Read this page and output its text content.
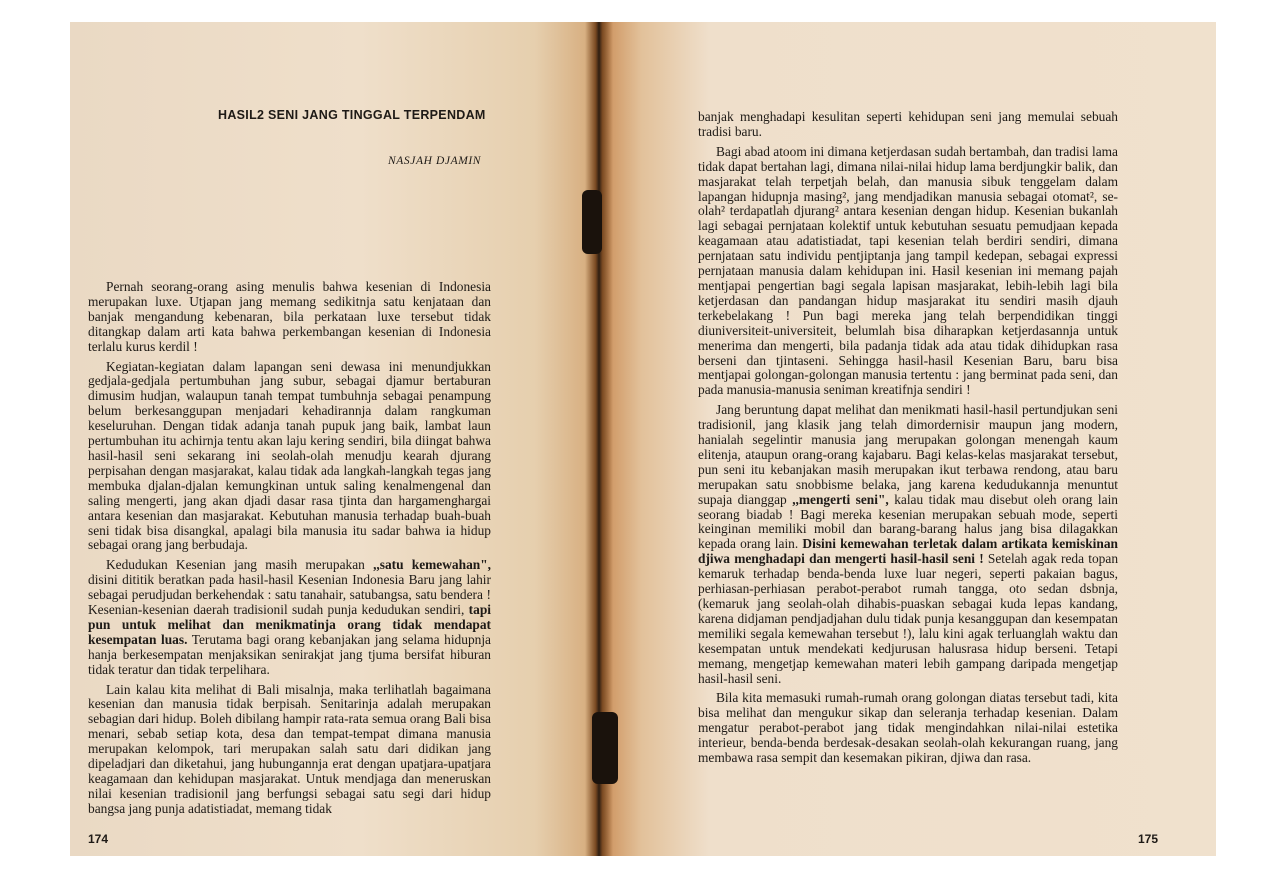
HASIL2 SENI JANG TINGGAL TERPENDAM
NASJAH DJAMIN

Pernah seorang-orang asing menulis bahwa kesenian di Indonesia merupakan luxe. Utjapan jang memang sedikitnja satu kenjataan dan banjak mengandung kebenaran, bila perkataan luxe tersebut tidak ditangkap dalam arti kata bahwa perkembangan kesenian di Indonesia terlalu kurus kerdil !

Kegiatan-kegiatan dalam lapangan seni dewasa ini menundjukkan gedjala-gedjala pertumbuhan jang subur, sebagai djamur bertaburan dimusim hudjan, walaupun tanah tempat tumbuhnja sebagai penampung belum berkesanggupan menjadari kehadirannja dalam rangkuman keseluruhan. Dengan tidak adanja tanah pupuk jang baik, lambat laun pertumbuhan itu achirnja tentu akan laju kering sendiri, bila diingat bahwa hasil-hasil seni sekarang ini seolah-olah menudju kearah djurang perpisahan dengan masjarakat, kalau tidak ada langkah-langkah tegas jang membuka djalan-djalan kemungkinan untuk saling kenalmengenal dan saling mengerti, jang akan djadi dasar rasa tjinta dan hargamenghargai antara kesenian dan masjarakat. Kebutuhan manusia terhadap buah-buah seni tidak bisa disangkal, apalagi bila manusia itu sadar bahwa ia hidup sebagai orang jang berbudaja.

Kedudukan Kesenian jang masih merupakan ,,satu kemewahan", disini dititik beratkan pada hasil-hasil Kesenian Indonesia Baru jang lahir sebagai perudjudan berkehendak : satu tanahair, satubangsa, satu bendera ! Kesenian-kesenian daerah tradisionil sudah punja kedudukan sendiri, tapi pun untuk melihat dan menikmatinja orang tidak mendapat kesempatan luas. Terutama bagi orang kebanjakan jang selama hidupnja hanja berkesempatan menjaksikan senirakjat jang tjuma bersifat hiburan tidak teratur dan tidak terpelihara.

Lain kalau kita melihat di Bali misalnja, maka terlihatlah bagaimana kesenian dan manusia tidak berpisah. Senitarinja adalah merupakan sebagian dari hidup. Boleh dibilang hampir rata-rata semua orang Bali bisa menari, sebab setiap kota, desa dan tempat-tempat dimana manusia merupakan kelompok, tari merupakan salah satu dari didikan jang dipeladjari dan diketahui, jang hubungannja erat dengan upatjara-upatjara keagamaan dan kehidupan masjarakat. Untuk mendjaga dan meneruskan nilai kesenian tradisionil jang berfungsi sebagai satu segi dari hidup bangsa jang punja adatistiadat, memang tidak

174

banjak menghadapi kesulitan seperti kehidupan seni jang memulai sebuah tradisi baru.

Bagi abad atoom ini dimana ketjerdasan sudah bertambah, dan tradisi lama tidak dapat bertahan lagi, dimana nilai-nilai hidup lama berdjungkir balik, dan masjarakat telah terpetjah belah, dan manusia sibuk tenggelam dalam lapangan hidupnja masing², jang mendjadikan manusia sebagai otomat², se-olah² terdapatlah djurang² antara kesenian dengan hidup. Kesenian bukanlah lagi sebagai pernjataan kolektif untuk kebutuhan sesuatu pemudjaan kepada keagamaan atau adatistiadat, tapi kesenian telah berdiri sendiri, dimana pernjataan satu individu pentjiptanja jang tampil kedepan, sebagai expressi pernjataan manusia dalam kehidupan ini. Hasil kesenian ini memang pajah mentjapai pengertian bagi segala lapisan masjarakat, lebih-lebih lagi bila ketjerdasan dan pandangan hidup masjarakat itu sendiri masih djauh terkebelakang ! Pun bagi mereka jang telah berpendidikan tinggi diuniversiteit-universiteit, belumlah bisa diharapkan ketjerdasannja untuk menerima dan mengerti, bila padanja tidak ada atau tidak dihidupkan rasa berseni dan tjintaseni. Sehingga hasil-hasil Kesenian Baru, baru bisa mentjapai golongan-golongan manusia tertentu : jang berminat pada seni, dan pada manusia-manusia seniman kreatifnja sendiri !

Jang beruntung dapat melihat dan menikmati hasil-hasil pertundjukan seni tradisionil, jang klasik jang telah dimordernisir maupun jang modern, hanialah segelintir manusia jang merupakan golongan menengah kaum elitenja, ataupun orang-orang kajabaru. Bagi kelas-kelas masjarakat tersebut, pun seni itu kebanjakan masih merupakan ikut terbawa rendong, atau baru merupakan satu snobbisme belaka, jang karena kedudukannja menuntut supaja dianggap ,,mengerti seni", kalau tidak mau disebut oleh orang lain seorang biadab ! Bagi mereka kesenian merupakan sebuah mode, seperti keinginan memiliki mobil dan barang-barang halus jang bisa dilagakkan kepada orang lain. Disini kemewahan terletak dalam artikata kemiskinan djiwa menghadapi dan mengerti hasil-hasil seni ! Setelah agak reda topan kemaruk terhadap benda-benda luxe luar negeri, seperti pakaian bagus, perhiasan-perhiasan perabot-perabot rumah tangga, oto sedan dsbnja, (kemaruk jang seolah-olah dihabis-puaskan sebagai kuda lepas kandang, karena didjaman pendjadjahan dulu tidak punja kesanggupan dan kesempatan memiliki segala kemewahan tersebut !), lalu kini agak terluanglah waktu dan kesempatan untuk mendekati kedjurusan halusrasa hidup berseni. Tetapi memang, mengetjap kemewahan materi lebih gampang daripada mengetjap hasil-hasil seni.

Bila kita memasuki rumah-rumah orang golongan diatas tersebut tadi, kita bisa melihat dan mengukur sikap dan seleranja terhadap kesenian. Dalam mengatur perabot-perabot jang tidak mengindahkan nilai-nilai estetika interieur, benda-benda berdesak-desakan seolah-olah kekurangan ruang, jang membawa rasa sempit dan kesemakan pikiran, djiwa dan rasa.

175
